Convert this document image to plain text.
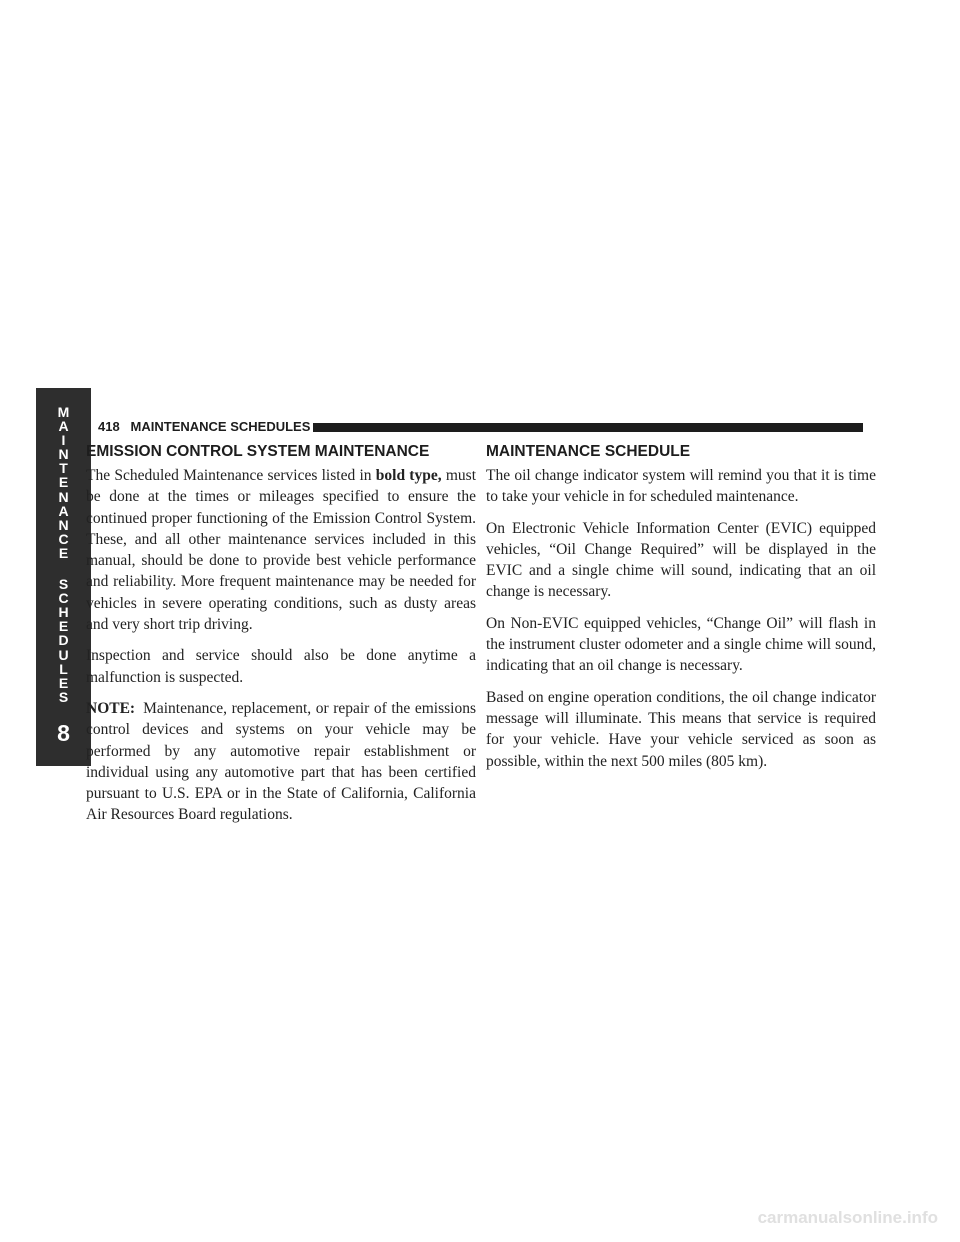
M
A
I
N
T
E
N
A
N
C
E
S
C
H
E
D
U
L
E
S
8
418 MAINTENANCE SCHEDULES
EMISSION CONTROL SYSTEM MAINTENANCE

The Scheduled Maintenance services listed in bold type, must be done at the times or mileages specified to ensure the continued proper functioning of the Emission Control System. These, and all other maintenance services included in this manual, should be done to provide best vehicle performance and reliability. More frequent maintenance may be needed for vehicles in severe operating conditions, such as dusty areas and very short trip driving.

Inspection and service should also be done anytime a malfunction is suspected.

NOTE: Maintenance, replacement, or repair of the emissions control devices and systems on your vehicle may be performed by any automotive repair establishment or individual using any automotive part that has been certified pursuant to U.S. EPA or in the State of California, California Air Resources Board regulations.

MAINTENANCE SCHEDULE

The oil change indicator system will remind you that it is time to take your vehicle in for scheduled maintenance.

On Electronic Vehicle Information Center (EVIC) equipped vehicles, “Oil Change Required” will be displayed in the EVIC and a single chime will sound, indicating that an oil change is necessary.

On Non-EVIC equipped vehicles, “Change Oil” will flash in the instrument cluster odometer and a single chime will sound, indicating that an oil change is necessary.

Based on engine operation conditions, the oil change indicator message will illuminate. This means that service is required for your vehicle. Have your vehicle serviced as soon as possible, within the next 500 miles (805 km).

carmanualsonline.info
